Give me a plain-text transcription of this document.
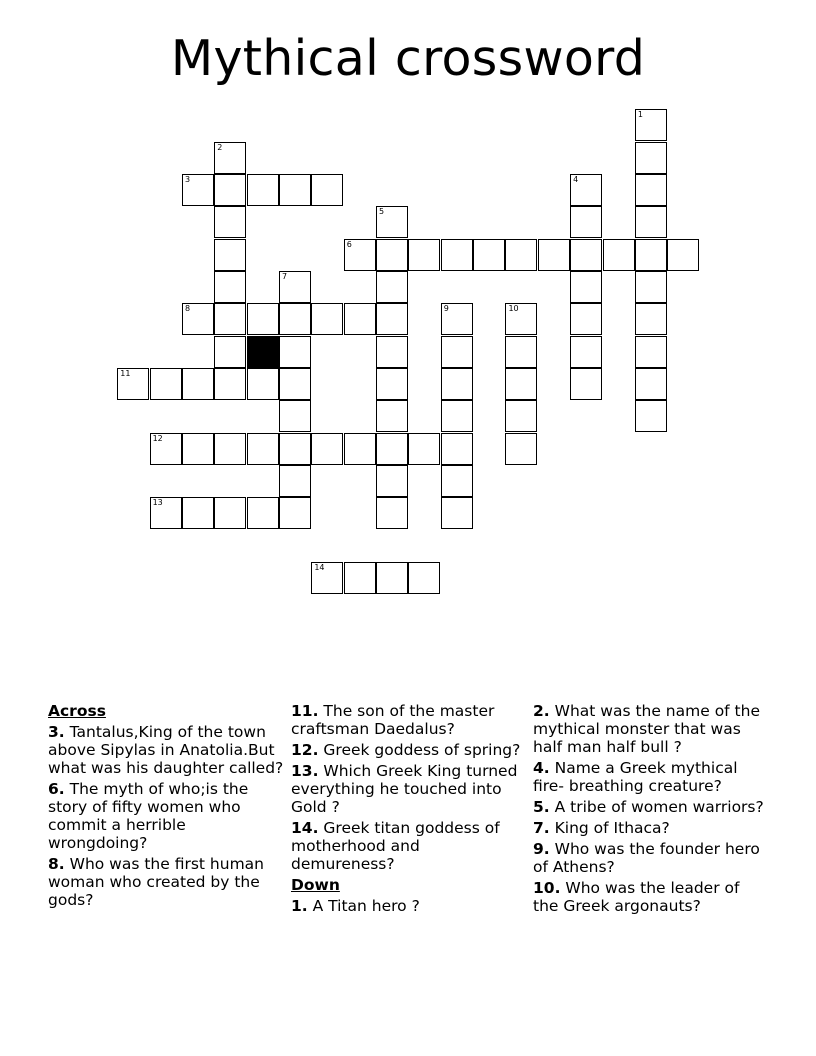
Mythical crossword
1
2
3	4
5
6
7
8	9	10
11
12
13
14
Across
3. Tantalus,King of the town above Sipylas in Anatolia.But what was his daughter called?
6. The myth of who;is the story of fifty women who commit a herrible wrongdoing?
8. Who was the first human woman who created by the gods?
11. The son of the master craftsman Daedalus?
12. Greek goddess of spring?
13. Which Greek King turned everything he touched into Gold ?
14. Greek titan goddess of motherhood and demureness?
Down
1. A Titan hero ?
2. What was the name of the mythical monster that was half man half bull ?
4. Name a Greek mythical fire- breathing creature?
5. A tribe of women warriors?
7. King of Ithaca?
9. Who was the founder hero of Athens?
10. Who was the leader of the Greek argonauts?
